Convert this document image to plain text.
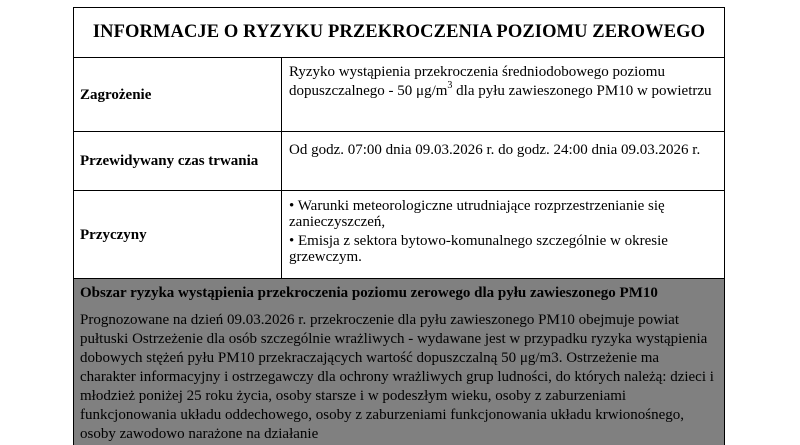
INFORMACJE O RYZYKU PRZEKROCZENIA POZIOMU ZEROWEGO
Zagrożenie
Ryzyko wystąpienia przekroczenia średniodobowego poziomu dopuszczalnego - 50 $\mu g/m^3$ dla pyłu zawieszonego PM10 w powietrzu
Przewidywany czas trwania
Od godz. 07:00 dnia 09.03.2026 r. do godz. 24:00 dnia 09.03.2026 r.
Przyczyny
• Warunki meteorologiczne utrudniające rozprzestrzenianie się zanieczyszczeń,
• Emisja z sektora bytowo-komunalnego szczególnie w okresie grzewczym.
Obszar ryzyka wystąpienia przekroczenia poziomu zerowego dla pyłu zawieszonego PM10
Prognozowane na dzień 09.03.2026 r. przekroczenie dla pyłu zawieszonego PM10 obejmuje powiat pułtuski Ostrzeżenie dla osób szczególnie wrażliwych - wydawane jest w przypadku ryzyka wystąpienia dobowych stężeń pyłu PM10 przekraczających wartość dopuszczalną 50 μg/m3. Ostrzeżenie ma charakter informacyjny i ostrzegawczy dla ochrony wrażliwych grup ludności, do których należą: dzieci i młodzież poniżej 25 roku życia, osoby starsze i w podeszłym wieku, osoby z zaburzeniami funkcjonowania układu oddechowego, osoby z zaburzeniami funkcjonowania układu krwionośnego, osoby zawodowo narażone na działanie
